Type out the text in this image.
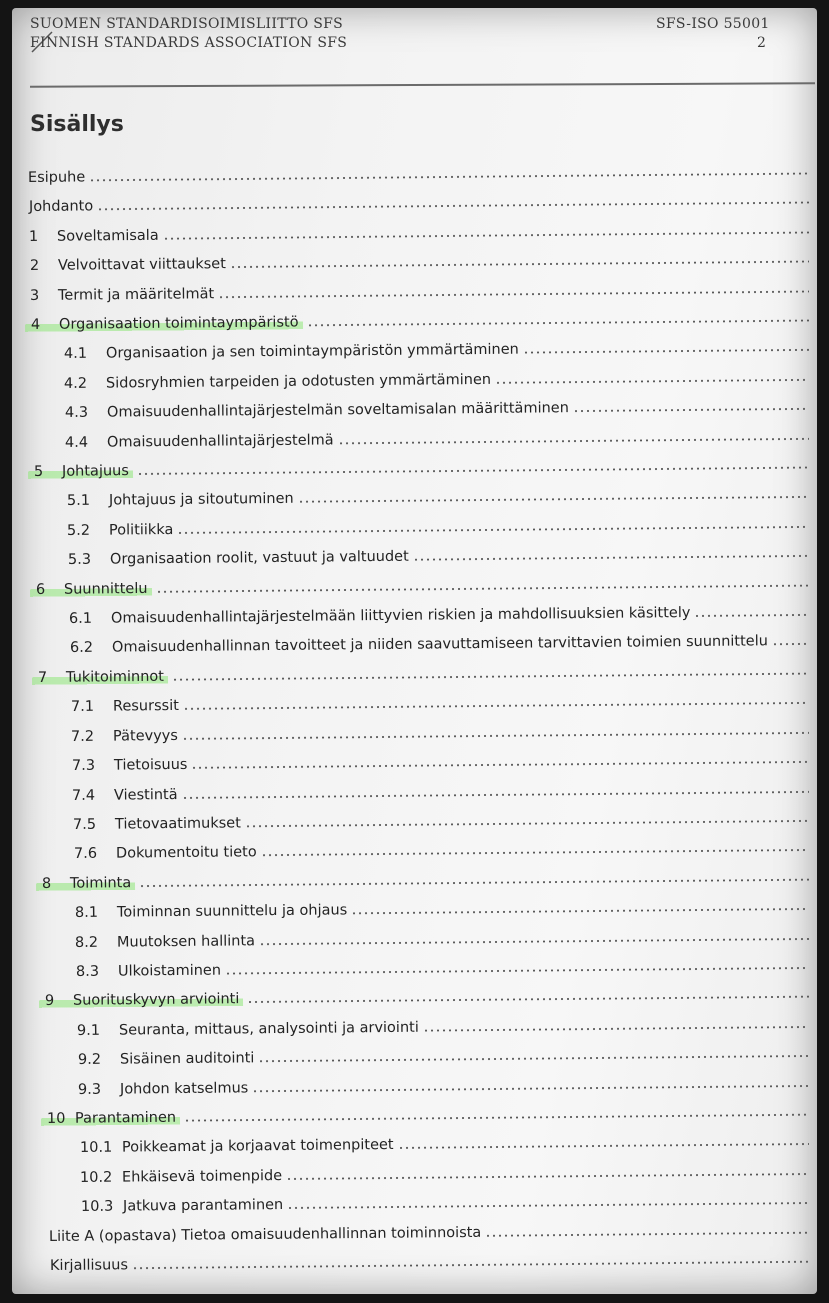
SUOMEN STANDARDISOIMISLIITTO SFS
FINNISH STANDARDS ASSOCIATION SFS
SFS-ISO 55001
2
Sisällys
Esipuhe
Johdanto
1	Soveltamisala
2	Velvoittavat viittaukset
3	Termit ja määritelmät
4	Organisaation toimintaympäristö
4.1	Organisaation ja sen toimintaympäristön ymmärtäminen
4.2	Sidosryhmien tarpeiden ja odotusten ymmärtäminen
4.3	Omaisuudenhallintajärjestelmän soveltamisalan määrittäminen
4.4	Omaisuudenhallintajärjestelmä
5	Johtajuus
5.1	Johtajuus ja sitoutuminen
5.2	Politiikka
5.3	Organisaation roolit, vastuut ja valtuudet
6	Suunnittelu
6.1	Omaisuudenhallintajärjestelmään liittyvien riskien ja mahdollisuuksien käsittely
6.2	Omaisuudenhallinnan tavoitteet ja niiden saavuttamiseen tarvittavien toimien suunnittelu
7	Tukitoiminnot
7.1	Resurssit
7.2	Pätevyys
7.3	Tietoisuus
7.4	Viestintä
7.5	Tietovaatimukset
7.6	Dokumentoitu tieto
8	Toiminta
8.1	Toiminnan suunnittelu ja ohjaus
8.2	Muutoksen hallinta
8.3	Ulkoistaminen
9	Suorituskyvyn arviointi
9.1	Seuranta, mittaus, analysointi ja arviointi
9.2	Sisäinen auditointi
9.3	Johdon katselmus
10 Parantaminen
10.1 Poikkeamat ja korjaavat toimenpiteet
10.2 Ehkäisevä toimenpide
10.3 Jatkuva parantaminen
Liite A (opastava) Tietoa omaisuudenhallinnan toiminnoista
Kirjallisuus
